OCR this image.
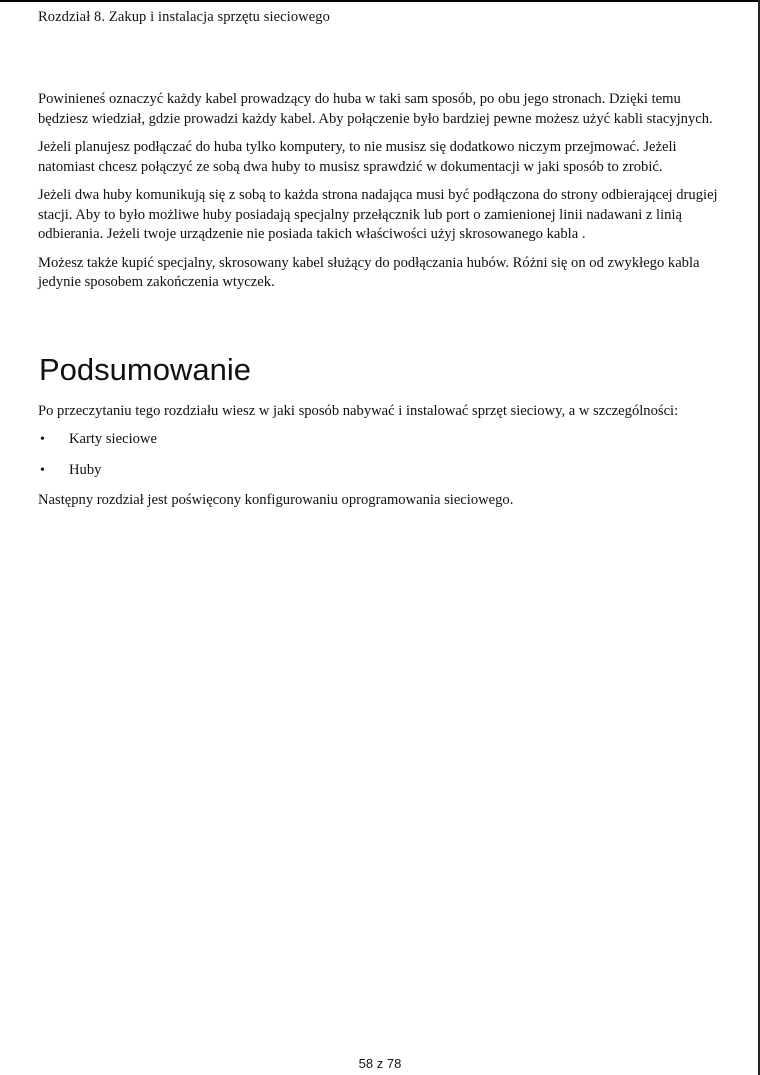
Rozdział 8. Zakup i instalacja sprzętu sieciowego

Powinieneś oznaczyć każdy kabel prowadzący do huba w taki sam sposób, po obu jego stronach. Dzięki temu będziesz wiedział, gdzie prowadzi każdy kabel. Aby połączenie było bardziej pewne możesz użyć kabli stacyjnych.

Jeżeli planujesz podłączać do huba tylko komputery, to nie musisz się dodatkowo niczym przejmować. Jeżeli natomiast chcesz połączyć ze sobą dwa huby to musisz sprawdzić w dokumentacji w jaki sposób to zrobić.

Jeżeli dwa huby komunikują się z sobą to każda strona nadająca musi być podłączona do strony odbierającej drugiej stacji. Aby to było możliwe huby posiadają specjalny przełącznik lub port o zamienionej linii nadawani z linią odbierania. Jeżeli twoje urządzenie nie posiada takich właściwości użyj skrosowanego kabla .

Możesz także kupić specjalny, skrosowany kabel służący do podłączania hubów. Różni się on od zwykłego kabla jedynie sposobem zakończenia wtyczek.

Podsumowanie

Po przeczytaniu tego rozdziału wiesz w jaki sposób nabywać i instalować sprzęt sieciowy, a w szczególności:

• Karty sieciowe
• Huby

Następny rozdział jest poświęcony konfigurowaniu oprogramowania sieciowego.

58 z 78
